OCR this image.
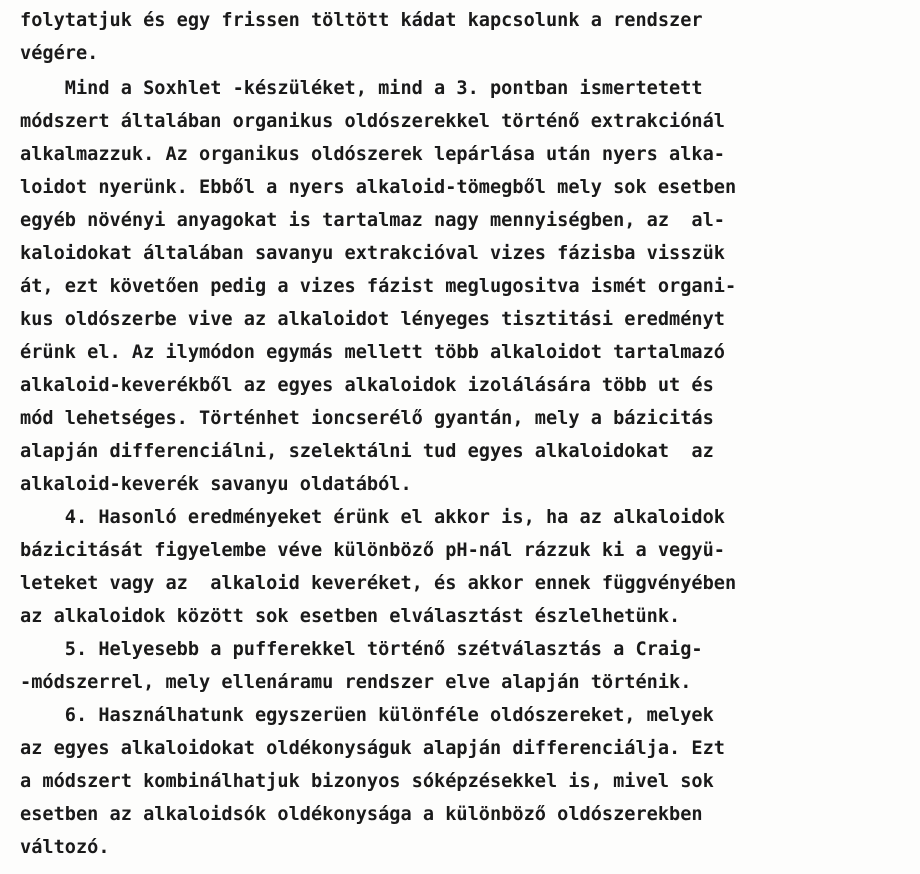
folytatjuk és egy frissen töltött kádat kapcsolunk a rendszer
végére.
Mind a Soxhlet -készüléket, mind a 3. pontban ismertetett
módszert általában organikus oldószerekkel történő extrakciónál
alkalmazzuk. Az organikus oldószerek lepárlása után nyers alka-
loidot nyerünk. Ebből a nyers alkaloid-tömegből mely sok esetben
egyéb növényi anyagokat is tartalmaz nagy mennyiségben, az  al-
kaloidokat általában savanyu extrakcióval vizes fázisba visszük
át, ezt követően pedig a vizes fázist meglugositva ismét organi-
kus oldószerbe vive az alkaloidot lényeges tisztitási eredményt
érünk el. Az ilymódon egymás mellett több alkaloidot tartalmazó
alkaloid-keverékből az egyes alkaloidok izolálására több ut és
mód lehetséges. Történhet ioncserélő gyantán, mely a bázicitás
alapján differenciálni, szelektálni tud egyes alkaloidokat  az
alkaloid-keverék savanyu oldatából.
4. Hasonló eredményeket érünk el akkor is, ha az alkaloidok
bázicitását figyelembe véve különböző pH-nál rázzuk ki a vegyü-
leteket vagy az  alkaloid keveréket, és akkor ennek függvényében
az alkaloidok között sok esetben elválasztást észlelhetünk.
5. Helyesebb a pufferekkel történő szétválasztás a Craig-
-módszerrel, mely ellenáramu rendszer elve alapján történik.
6. Használhatunk egyszerüen különféle oldószereket, melyek
az egyes alkaloidokat oldékonyságuk alapján differenciálja. Ezt
a módszert kombinálhatjuk bizonyos sóképzésekkel is, mivel sok
esetben az alkaloidsók oldékonysága a különböző oldószerekben
változó.
